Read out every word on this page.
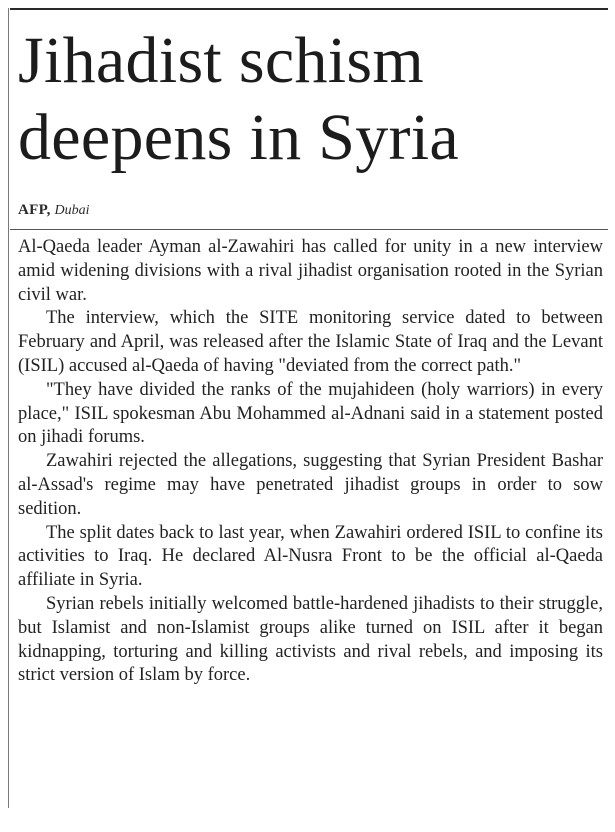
Jihadist schism deepens in Syria
AFP, Dubai

Al-Qaeda leader Ayman al-Zawahiri has called for unity in a new interview amid widening divisions with a rival jihadist organisation rooted in the Syrian civil war.

The interview, which the SITE monitoring service dated to between February and April, was released after the Islamic State of Iraq and the Levant (ISIL) accused al-Qaeda of having "deviated from the correct path."

"They have divided the ranks of the mujahideen (holy warriors) in every place," ISIL spokesman Abu Mohammed al-Adnani said in a statement posted on jihadi forums.

Zawahiri rejected the allegations, suggesting that Syrian President Bashar al-Assad's regime may have penetrated jihadist groups in order to sow sedition.

The split dates back to last year, when Zawahiri ordered ISIL to confine its activities to Iraq. He declared Al-Nusra Front to be the official al-Qaeda affiliate in Syria.

Syrian rebels initially welcomed battle-hardened jihadists to their struggle, but Islamist and non-Islamist groups alike turned on ISIL after it began kidnapping, torturing and killing activists and rival rebels, and imposing its strict version of Islam by force.
